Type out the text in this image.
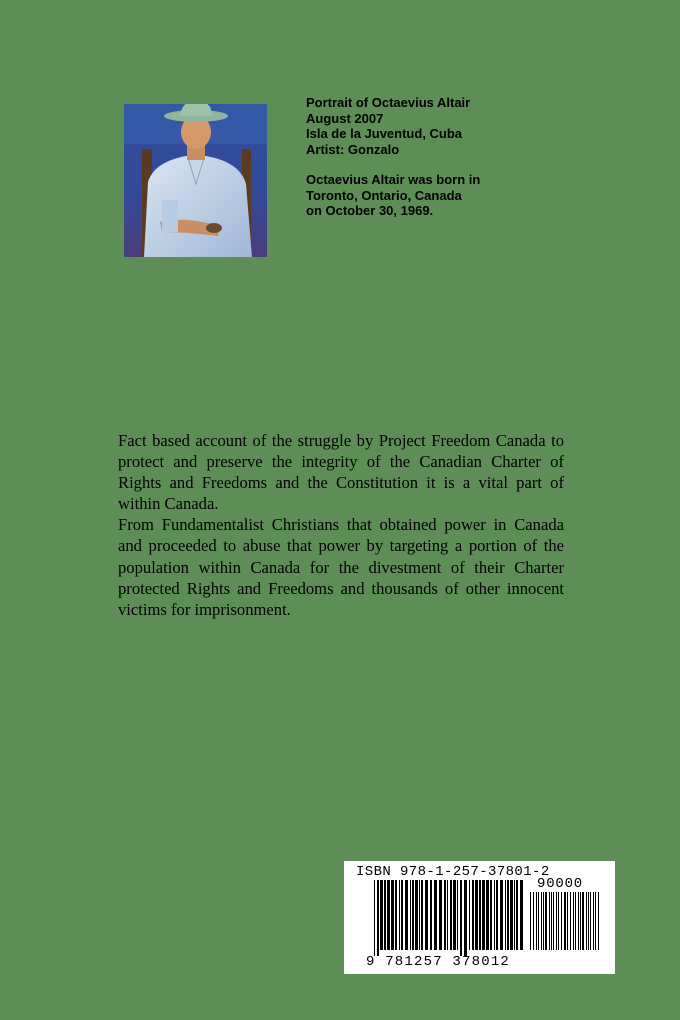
Portrait of Octaevius Altair
August 2007
Isla de la Juventud, Cuba
Artist: Gonzalo
Octaevius Altair was born in
Toronto, Ontario, Canada
on October 30, 1969.

Fact based account of the struggle by Project Freedom Canada to protect and preserve the integrity of the Canadian Charter of Rights and Freedoms and the Constitution it is a vital part of within Canada.

From Fundamentalist Christians that obtained power in Canada and proceeded to abuse that power by targeting a portion of the population within Canada for the divestment of their Charter protected Rights and Freedoms and thousands of other innocent victims for imprisonment.

ISBN 978-1-257-37801-2
90000
9 781257 378012
